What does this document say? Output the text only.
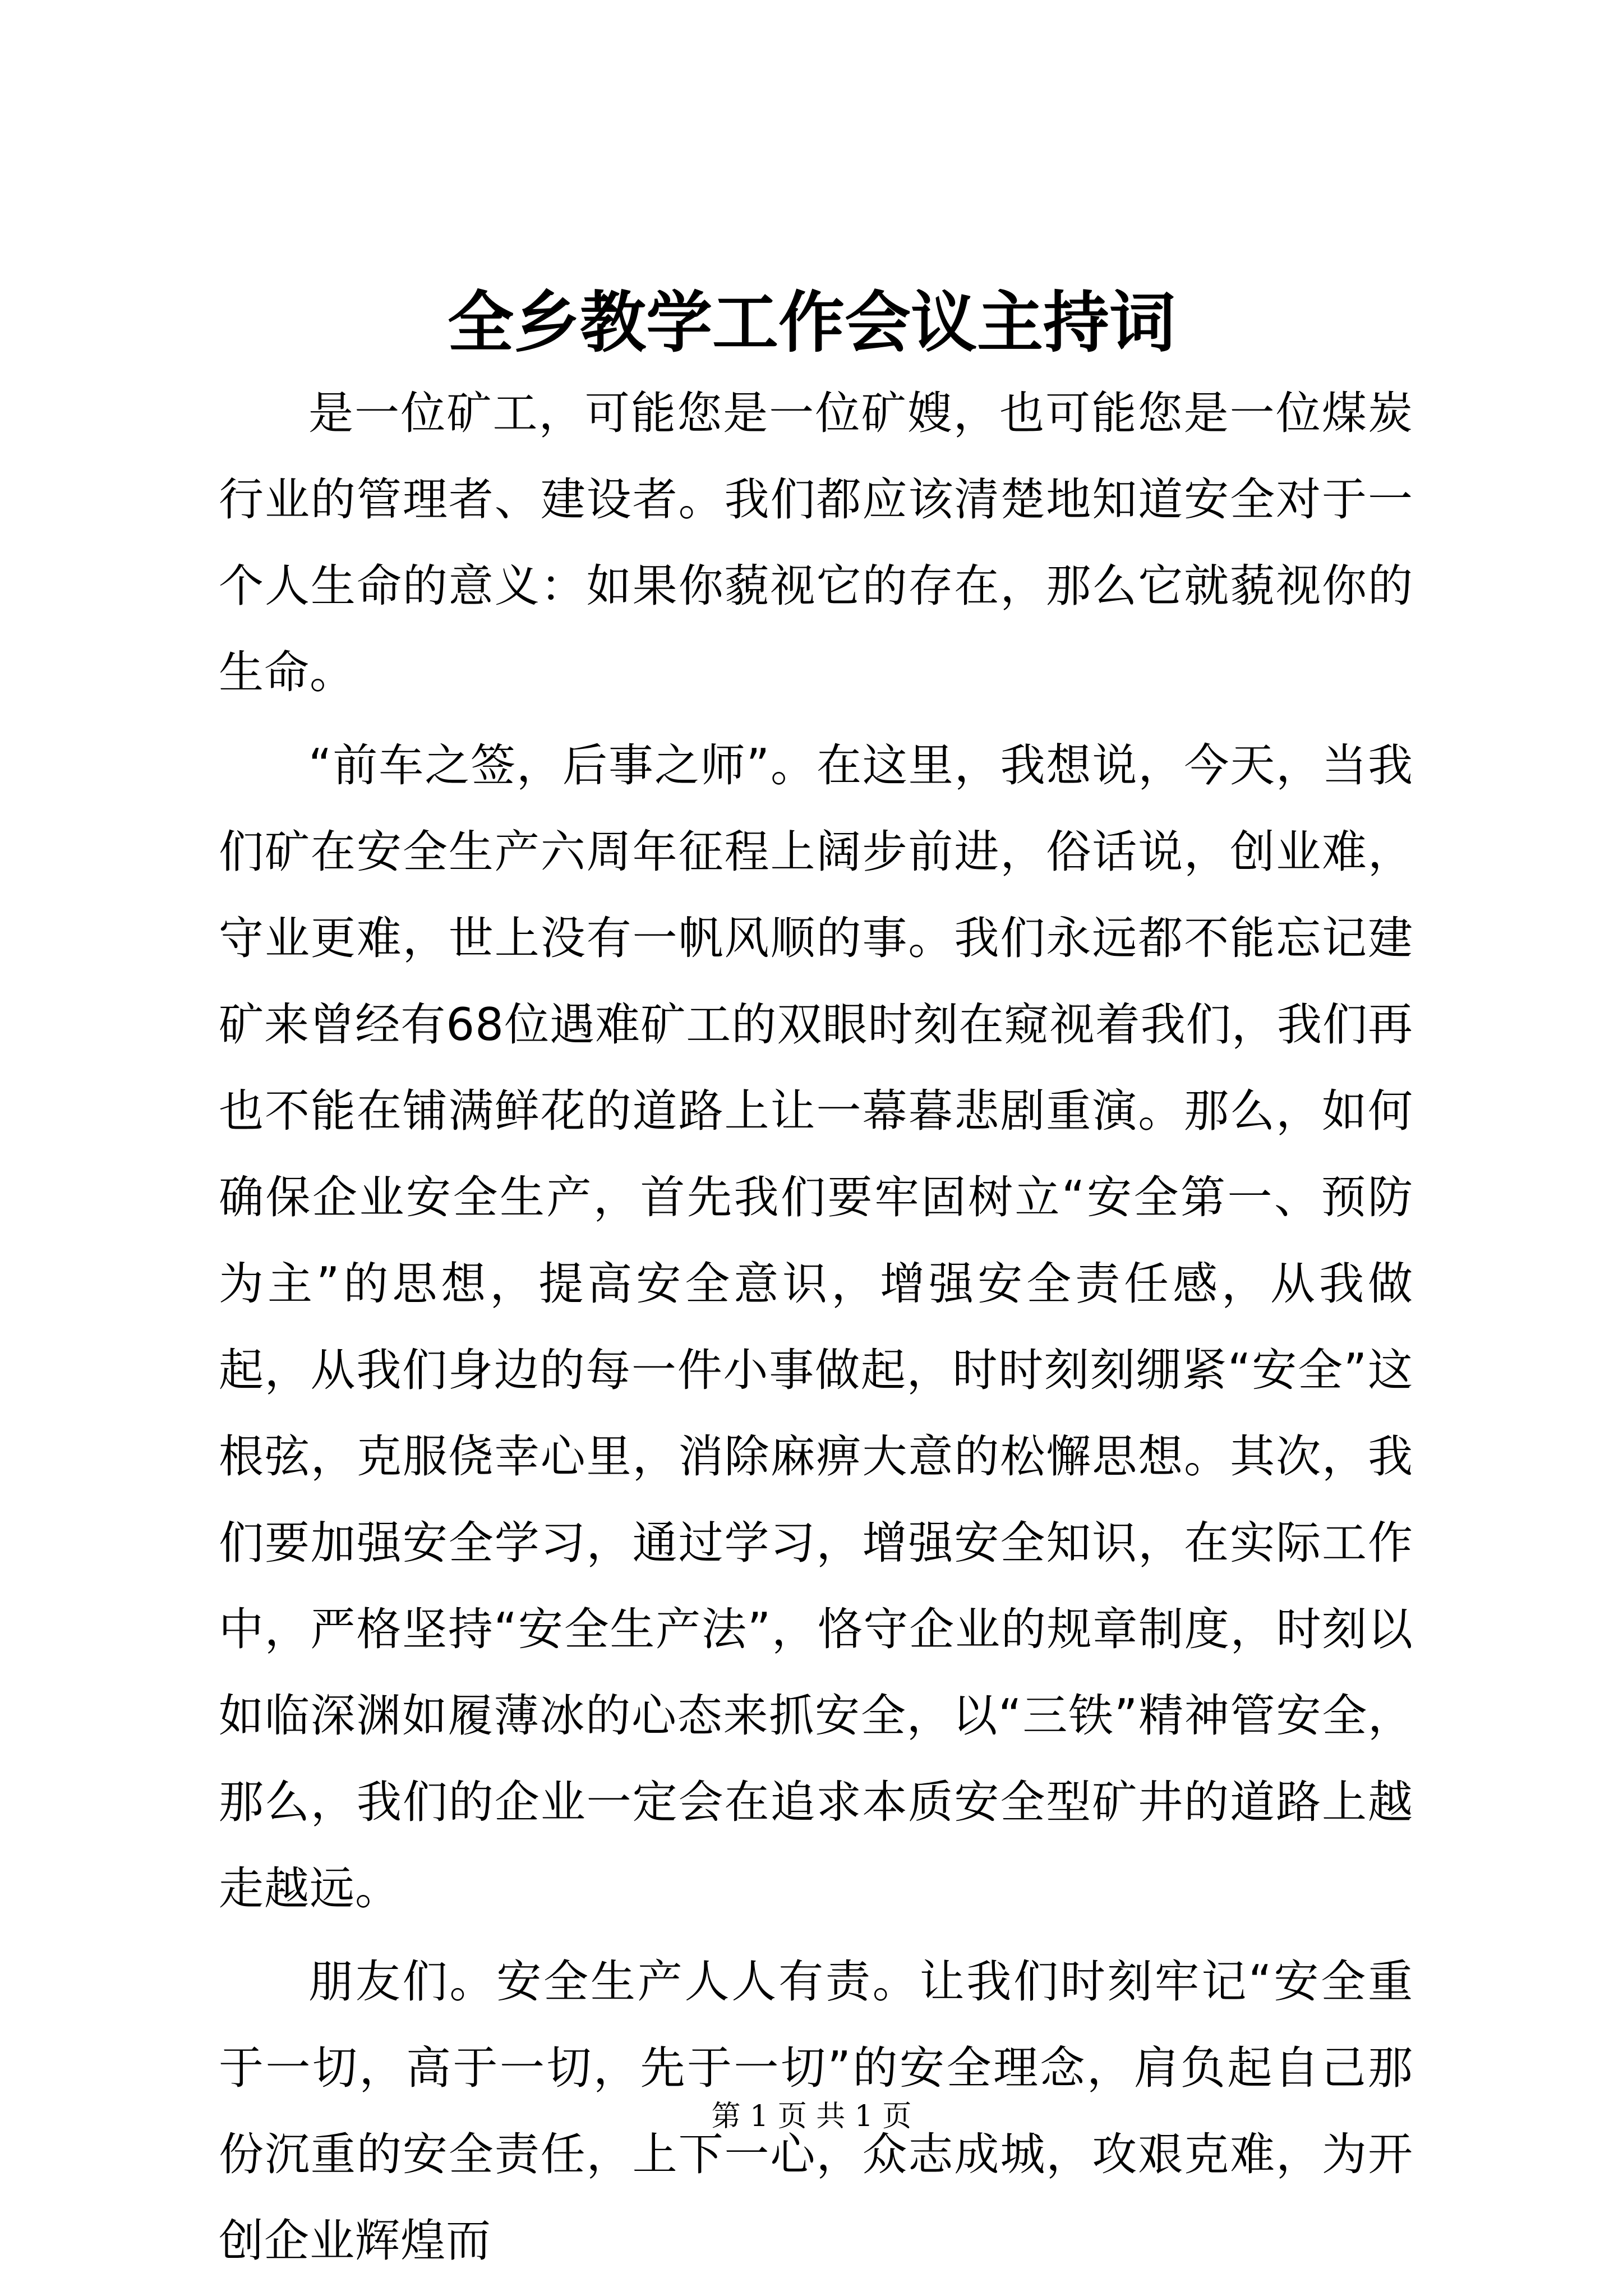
全乡教学工作会议主持词

是一位矿工，可能您是一位矿嫂，也可能您是一位煤炭行业的管理者、建设者。我们都应该清楚地知道安全对于一个人生命的意义：如果你藐视它的存在，那么它就藐视你的生命。

“前车之签，后事之师”。在这里，我想说，今天，当我们矿在安全生产六周年征程上阔步前进，俗话说，创业难，守业更难，世上没有一帆风顺的事。我们永远都不能忘记建矿来曾经有68位遇难矿工的双眼时刻在窥视着我们，我们再也不能在铺满鲜花的道路上让一幕暮悲剧重演。那么，如何确保企业安全生产，首先我们要牢固树立“安全第一、预防为主”的思想，提高安全意识，增强安全责任感，从我做起，从我们身边的每一件小事做起，时时刻刻绷紧“安全”这根弦，克服侥幸心里，消除麻痹大意的松懈思想。其次，我们要加强安全学习，通过学习，增强安全知识，在实际工作中，严格坚持“安全生产法”，恪守企业的规章制度，时刻以如临深渊如履薄冰的心态来抓安全，以“三铁”精神管安全，那么，我们的企业一定会在追求本质安全型矿井的道路上越走越远。

朋友们。安全生产人人有责。让我们时刻牢记“安全重于一切，高于一切，先于一切”的安全理念，肩负起自己那份沉重的安全责任，上下一心，众志成城，攻艰克难，为开创企业辉煌而

第 1 页 共 1 页
